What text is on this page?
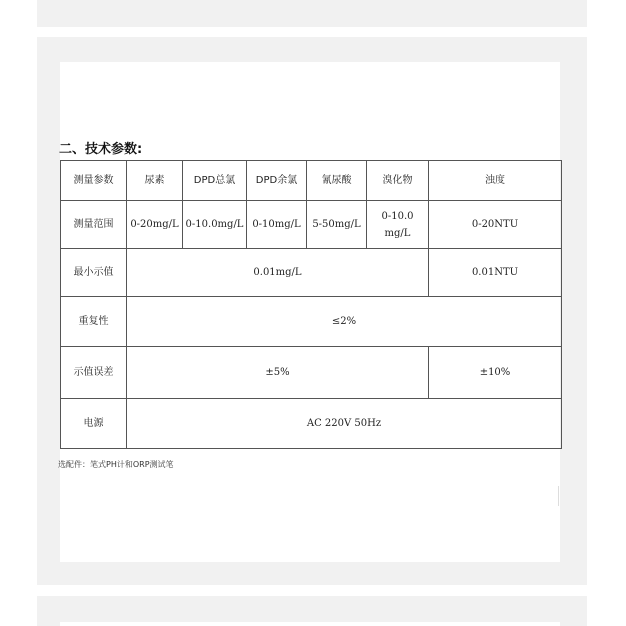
二、技术参数:
测量参数	尿素	DPD总氯	DPD余氯	氰尿酸	溴化物	浊度
测量范围	0-20mg/L	0-10.0mg/L	0-10mg/L	5-50mg/L	0-10.0 mg/L	0-20NTU
最小示值	0.01mg/L					0.01NTU
重复性	≤2%					
示值误差	±5%					±10%
电源	AC 220V 50Hz					
选配件：笔式PH计和ORP测试笔
